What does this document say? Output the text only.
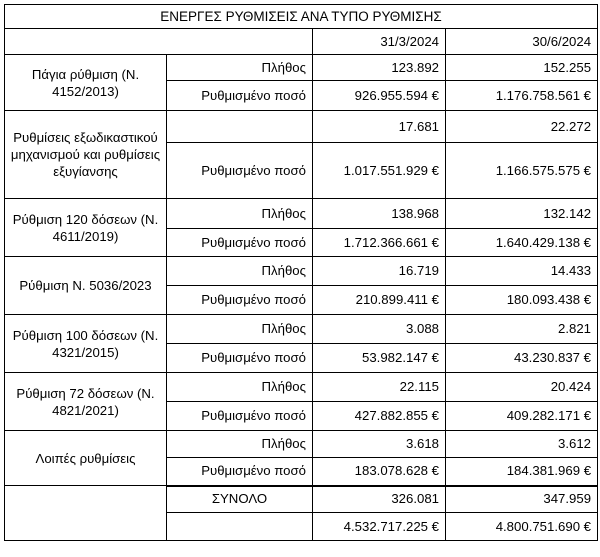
ΕΝΕΡΓΕΣ ΡΥΘΜΙΣΕΙΣ ΑΝΑ ΤΥΠΟ ΡΥΘΜΙΣΗΣ			
		31/3/2024	30/6/2024
Πάγια ρύθμιση (Ν. 4152/2013)	Πλήθος	123.892	152.255
	Ρυθμισμένο ποσό	926.955.594 €	1.176.758.561 €
Ρυθμίσεις εξωδικαστικού μηχανισμού και ρυθμίσεις εξυγίανσης		17.681	22.272
	Ρυθμισμένο ποσό	1.017.551.929 €	1.166.575.575 €
Ρύθμιση 120 δόσεων (Ν. 4611/2019)	Πλήθος	138.968	132.142
	Ρυθμισμένο ποσό	1.712.366.661 €	1.640.429.138 €
Ρύθμιση Ν. 5036/2023	Πλήθος	16.719	14.433
	Ρυθμισμένο ποσό	210.899.411 €	180.093.438 €
Ρύθμιση 100 δόσεων (Ν. 4321/2015)	Πλήθος	3.088	2.821
	Ρυθμισμένο ποσό	53.982.147 €	43.230.837 €
Ρύθμιση 72 δόσεων (Ν. 4821/2021)	Πλήθος	22.115	20.424
	Ρυθμισμένο ποσό	427.882.855 €	409.282.171 €
Λοιπές ρυθμίσεις	Πλήθος	3.618	3.612
	Ρυθμισμένο ποσό	183.078.628 €	184.381.969 €
	ΣΥΝΟΛΟ	326.081	347.959
		4.532.717.225 €	4.800.751.690 €
